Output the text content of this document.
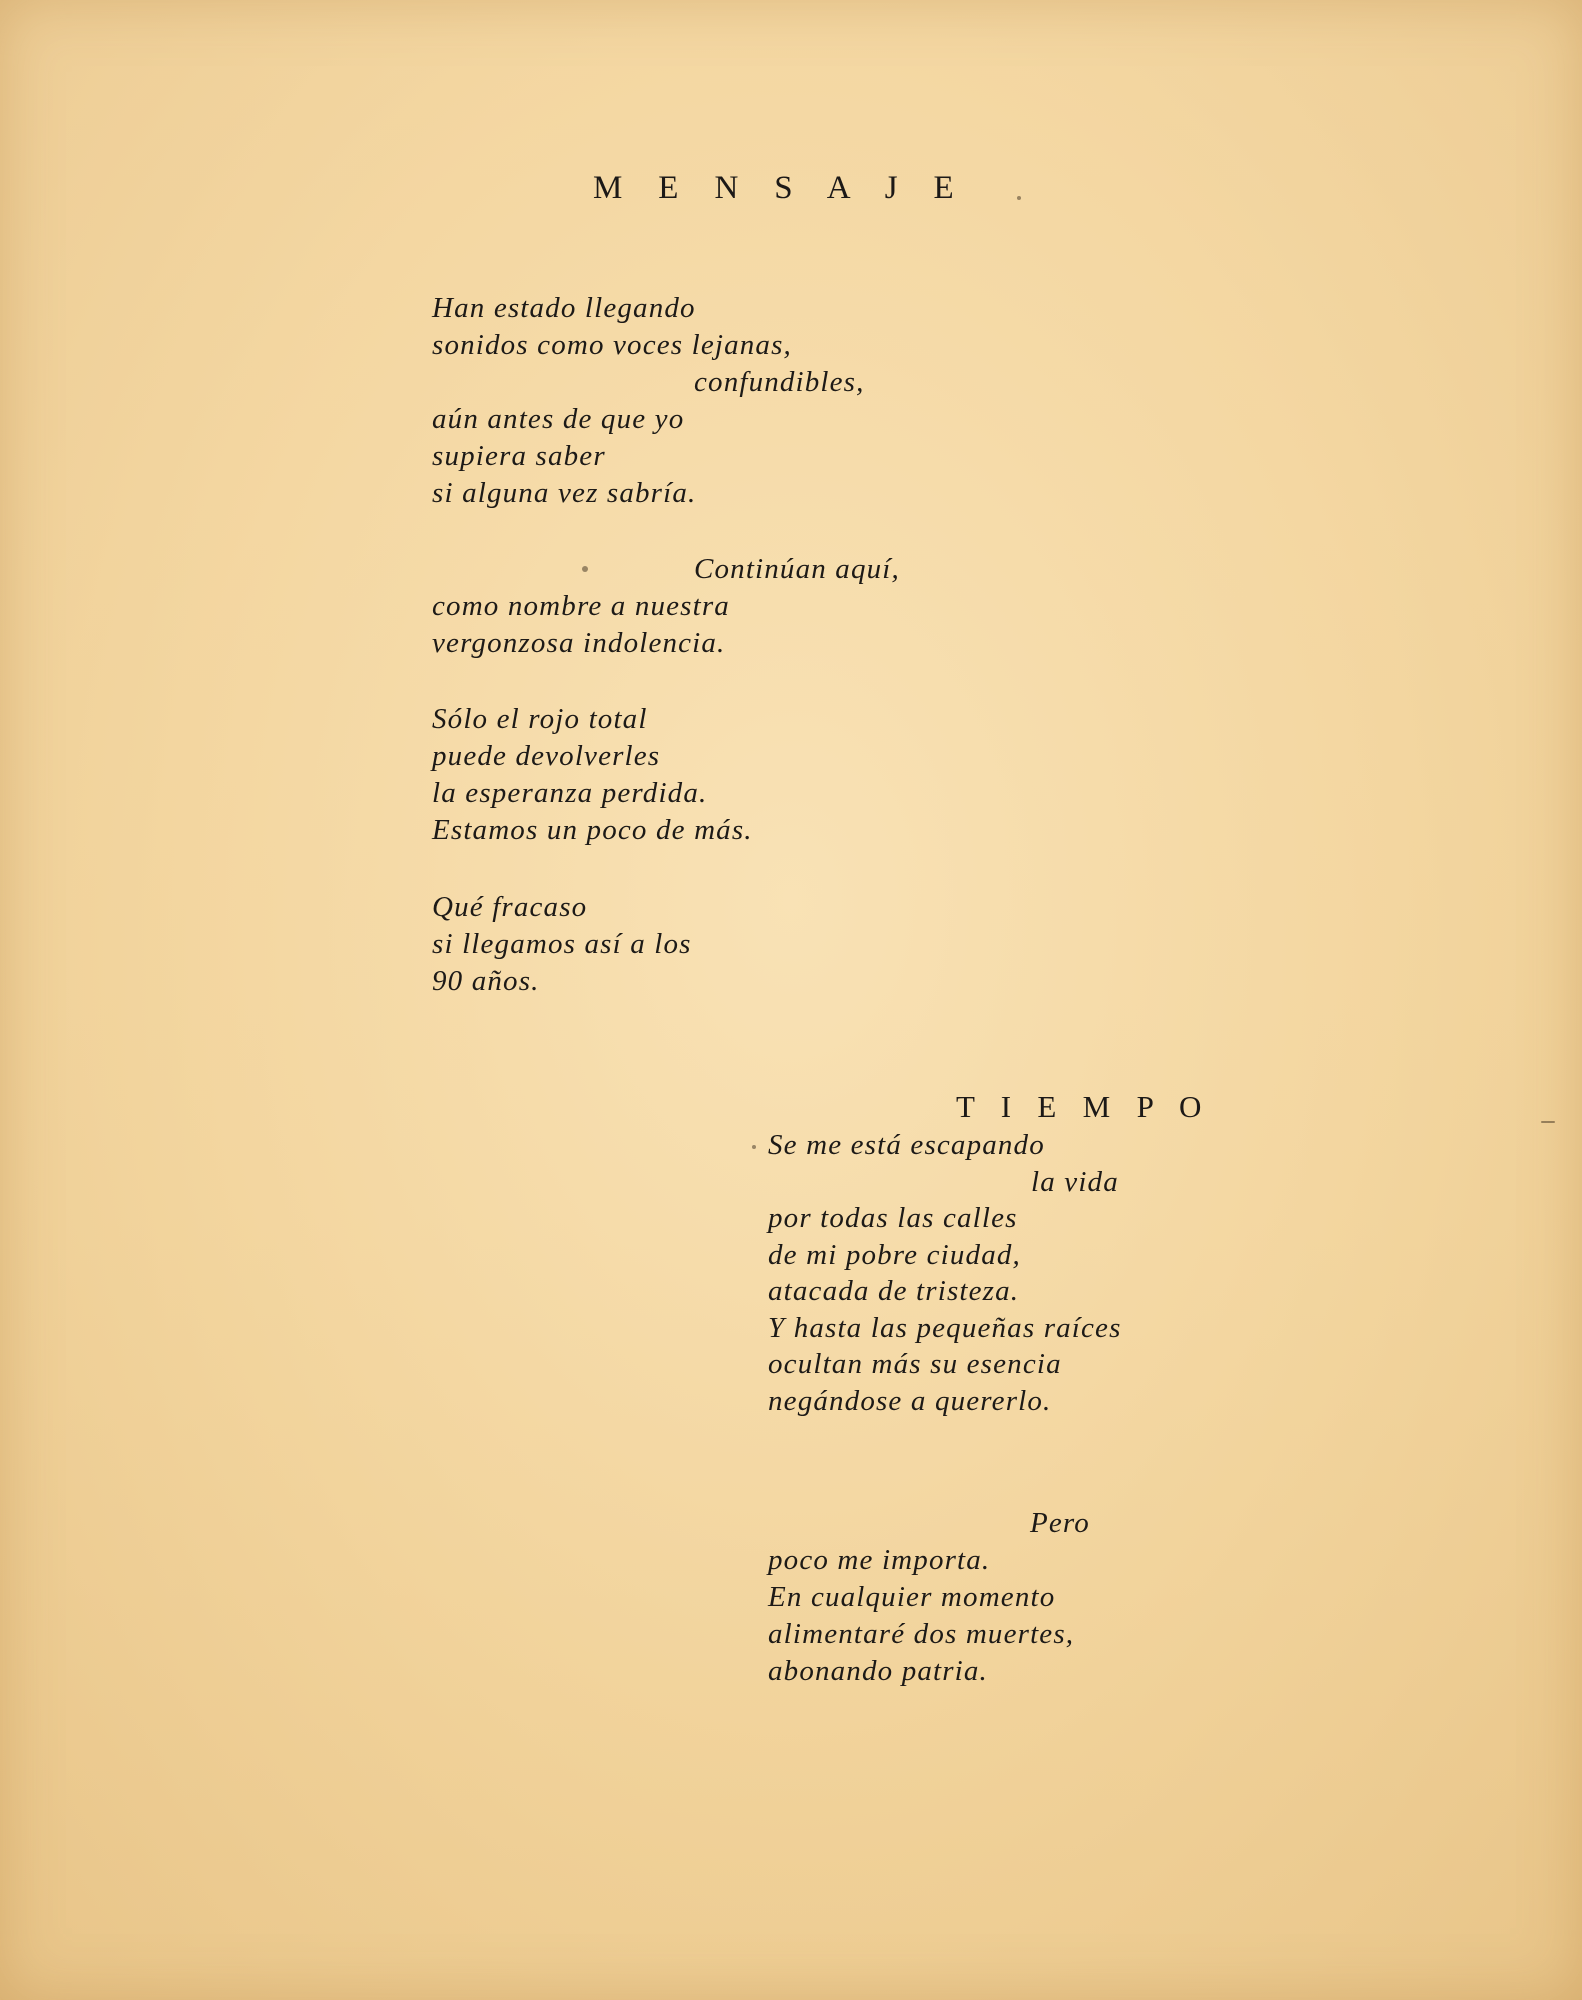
M E N S A J E
Han estado llegando
sonidos como voces lejanas,
confundibles,
aún antes de que yo
supiera saber
si alguna vez sabría.
Continúan aquí,
como nombre a nuestra
vergonzosa indolencia.
Sólo el rojo total
puede devolverles
la esperanza perdida.
Estamos un poco de más.
Qué fracaso
si llegamos así a los
90 años.
T I E M P O
Se me está escapando
la vida
por todas las calles
de mi pobre ciudad,
atacada de tristeza.
Y hasta las pequeñas raíces
ocultan más su esencia
negándose a quererlo.
Pero
poco me importa.
En cualquier momento
alimentaré dos muertes,
abonando patria.
